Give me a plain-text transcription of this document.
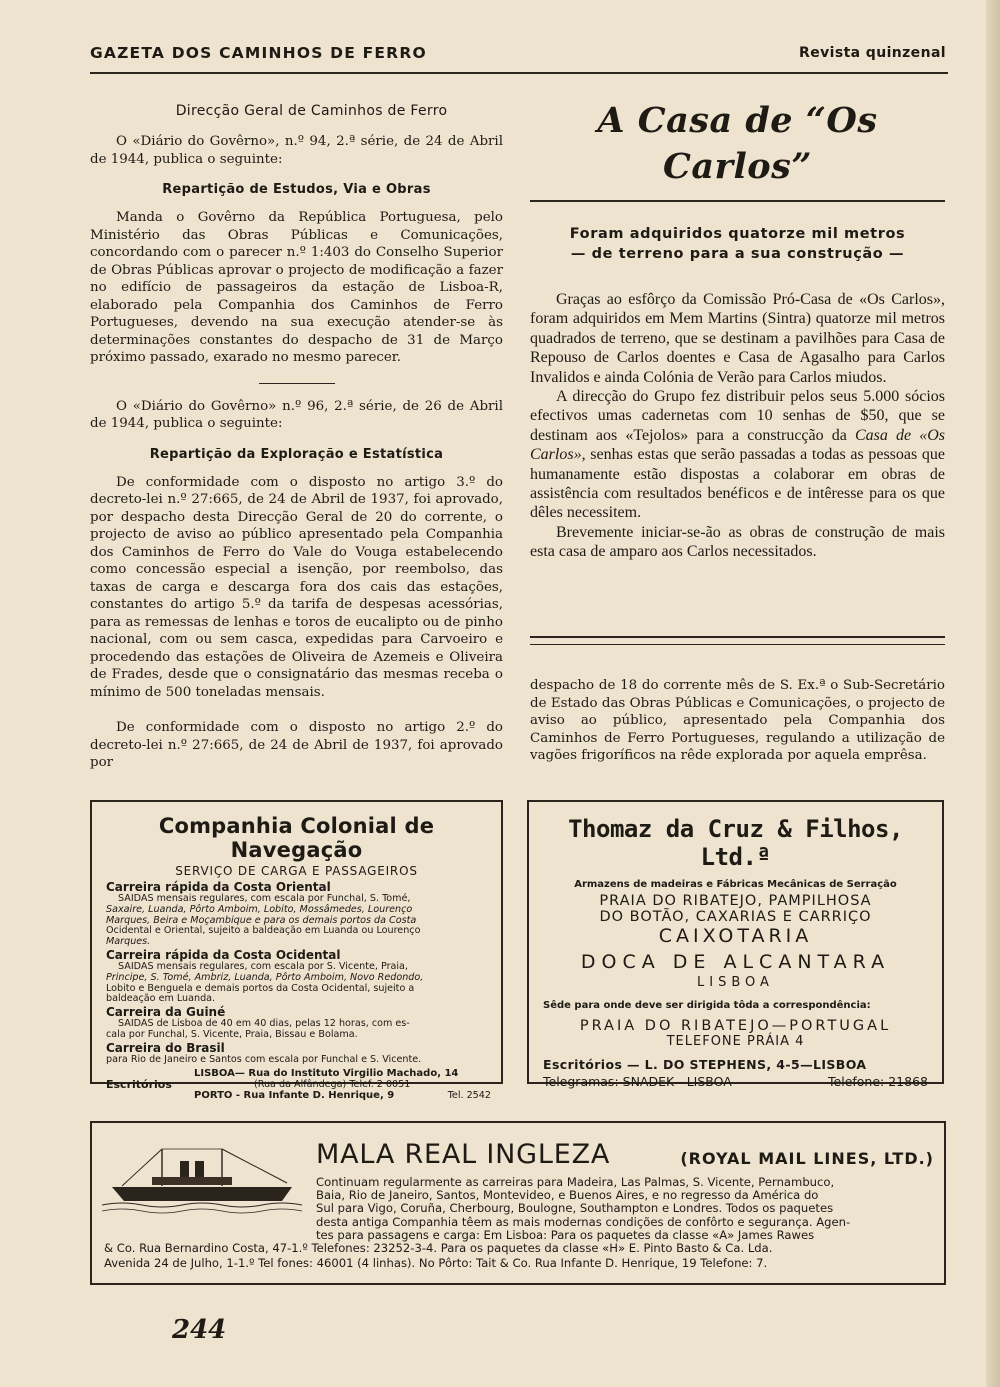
GAZETA DOS CAMINHOS DE FERRO	Revista quinzenal
Direcção Geral de Caminhos de Ferro

O «Diário do Govêrno», n.º 94, 2.ª série, de 24 de Abril de 1944, publica o seguinte:

Repartição de Estudos, Via e Obras

Manda o Govêrno da República Portuguesa, pelo Ministério das Obras Públicas e Comunicações, concordando com o parecer n.º 1:403 do Conselho Superior de Obras Públicas aprovar o projecto de modificação a fazer no edifício de passageiros da estação de Lisboa-R, elaborado pela Companhia dos Caminhos de Ferro Portugueses, devendo na sua execução atender-se às determinações constantes do despacho de 31 de Março próximo passado, exarado no mesmo parecer.

O «Diário do Govêrno» n.º 96, 2.ª série, de 26 de Abril de 1944, publica o seguinte:

Repartição da Exploração e Estatística

De conformidade com o disposto no artigo 3.º do decreto-lei n.º 27:665, de 24 de Abril de 1937, foi aprovado, por despacho desta Direcção Geral de 20 do corrente, o projecto de aviso ao público apresentado pela Companhia dos Caminhos de Ferro do Vale do Vouga estabelecendo como concessão especial a isenção, por reembolso, das taxas de carga e descarga fora dos cais das estações, constantes do artigo 5.º da tarifa de despesas acessórias, para as remessas de lenhas e toros de eucalipto ou de pinho nacional, com ou sem casca, expedidas para Carvoeiro e procedendo das estações de Oliveira de Azemeis e Oliveira de Frades, desde que o consignatário das mesmas receba o mínimo de 500 toneladas mensais.

De conformidade com o disposto no artigo 2.º do decreto-lei n.º 27:665, de 24 de Abril de 1937, foi aprovado por

A Casa de “Os Carlos”
Foram adquiridos quatorze mil metros
— de terreno para a sua construção —

Graças ao esfôrço da Comissão Pró-Casa de «Os Carlos», foram adquiridos em Mem Martins (Sintra) quatorze mil metros quadrados de terreno, que se destinam a pavilhões para Casa de Repouso de Carlos doentes e Casa de Agasalho para Carlos Invalidos e ainda Colónia de Verão para Carlos miudos.

A direcção do Grupo fez distribuir pelos seus 5.000 sócios efectivos umas cadernetas com 10 senhas de $50, que se destinam aos «Tejolos» para a construcção da Casa de «Os Carlos», senhas estas que serão passadas a todas as pessoas que humanamente estão dispostas a colaborar em obras de assistência com resultados benéficos e de intêresse para os que dêles necessitem.

Brevemente iniciar-se-ão as obras de construção de mais esta casa de amparo aos Carlos necessitados.

despacho de 18 do corrente mês de S. Ex.ª o Sub-Secretário de Estado das Obras Públicas e Comunicações, o projecto de aviso ao público, apresentado pela Companhia dos Caminhos de Ferro Portugueses, regulando a utilização de vagões frigoríficos na rêde explorada por aquela emprêsa.

Companhia Colonial de Navegação
SERVIÇO DE CARGA E PASSAGEIROS
Carreira rápida da Costa Oriental
SAIDAS mensais regulares, com escala por Funchal, S. Tomé,
Saxaire, Luanda, Pôrto Amboim, Lobito, Mossâmedes, Lourenço
Marques, Beira e Moçambique e para os demais portos da Costa
Ocidental e Oriental, sujeito a baldeação em Luanda ou Lourenço
Marques.
Carreira rápida da Costa Ocidental
SAIDAS mensais regulares, com escala por S. Vicente, Praia,
Principe, S. Tomé, Ambriz, Luanda, Pôrto Amboim, Novo Redondo,
Lobito e Benguela e demais portos da Costa Ocidental, sujeito a
baldeação em Luanda.
Carreira da Guiné
SAIDAS de Lisboa de 40 em 40 dias, pelas 12 horas, com es-
cala por Funchal, S. Vicente, Praia, Bissau e Bolama.
Carreira do Brasil
para Rio de Janeiro e Santos com escala por Funchal e S. Vicente.
Escritórios
LISBOA— Rua do Instituto Virgilio Machado, 14
(Rua da Alfândega) Telef. 2 0051
PORTO - Rua Infante D. Henrique, 9	Tel. 2542
Thomaz da Cruz & Filhos, Ltd.ª
Armazens de madeiras e Fábricas Mecânicas de Serração
PRAIA DO RIBATEJO, PAMPILHOSA
DO BOTÃO, CAXARIAS E CARRIÇO
CAIXOTARIA
DOCA DE ALCANTARA
LISBOA
Sêde para onde deve ser dirigida tôda a correspondência:
PRAIA DO RIBATEJO—PORTUGAL
TELEFONE PRÁIA 4
Escritórios — L. DO STEPHENS, 4-5—LISBOA
Telegramas: SNADEK—LISBOA	Telefone: 21868
MALA REAL INGLEZA	(ROYAL MAIL LINES, LTD.)
Continuam regularmente as carreiras para Madeira, Las Palmas, S. Vicente, Pernambuco,
Baia, Rio de Janeiro, Santos, Montevideo, e Buenos Aires, e no regresso da América do
Sul para Vigo, Coruña, Cherbourg, Boulogne, Southampton e Londres. Todos os paquetes
desta antiga Companhia têem as mais modernas condições de confôrto e segurança. Agen-
tes para passagens e carga: Em Lisboa: Para os paquetes da classe «A» James Rawes
& Co. Rua Bernardino Costa, 47-1.º Telefones: 23252-3-4. Para os paquetes da classe «H» E. Pinto Basto & Ca. Lda.
Avenida 24 de Julho, 1-1.º Tel fones: 46001 (4 linhas). No Pôrto: Tait & Co. Rua Infante D. Henrique, 19 Telefone: 7.
244
